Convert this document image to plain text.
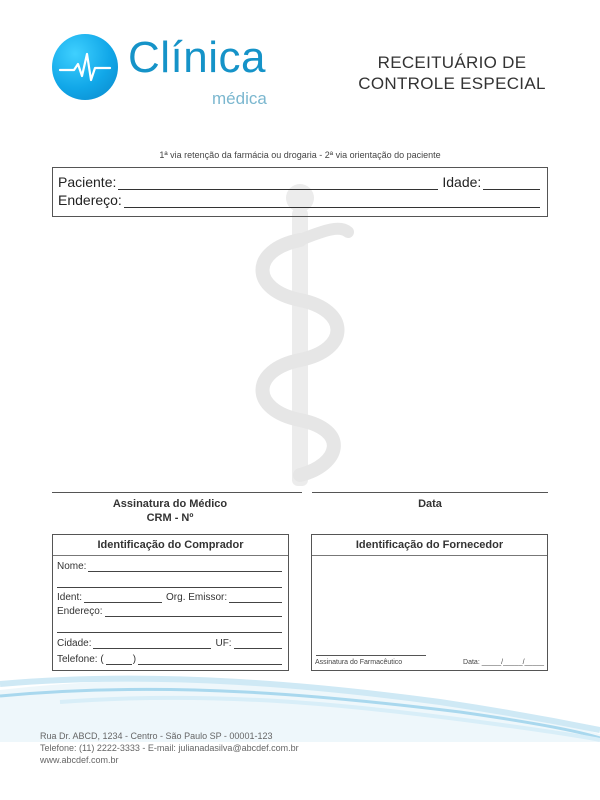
Clínica
médica
RECEITUÁRIO DE
CONTROLE ESPECIAL
1ª via retenção da farmácia ou drogaria - 2ª via orientação do paciente
Paciente:	Idade:
Endereço:
Assinatura do Médico
CRM - Nº
Data
Identificação do Comprador
Nome:
Ident:	Org. Emissor:
Endereço:
Cidade:	UF:
Telefone: (	)
Identificação do Fornecedor
Assinatura do Farmacêutico	Data: _____/_____/_____
Rua Dr. ABCD, 1234 - Centro - São Paulo SP - 00001-123
Telefone: (11) 2222-3333 - E-mail: julianadasilva@abcdef.com.br
www.abcdef.com.br
